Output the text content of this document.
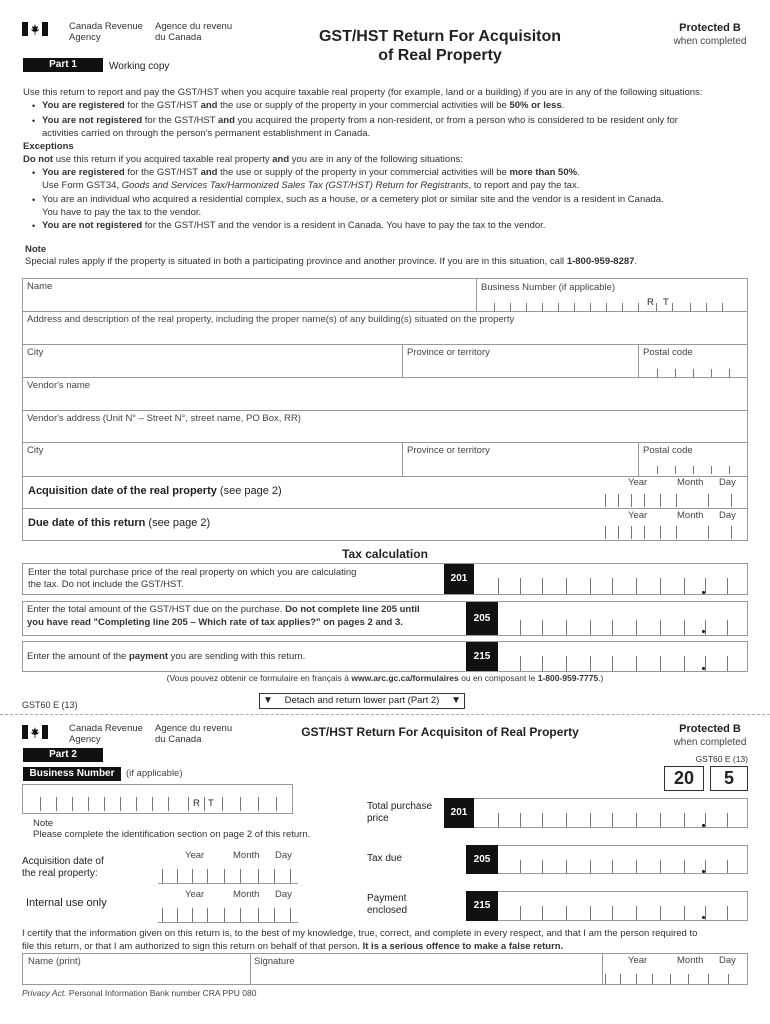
Canada Revenue
Agency
Agence du revenu
du Canada	GST/HST Return For Acquisiton
of Real Property
Protected B
when completed
Part 1	Working copy
Use this return to report and pay the GST/HST when you acquire taxable real property (for example, land or a building) if you are in any of the following situations:
• You are registered for the GST/HST and the use or supply of the property in your commercial activities will be 50% or less.
• You are not registered for the GST/HST and you acquired the property from a non-resident, or from a person who is considered to be resident only for
activities carried on through the person's permanent establishment in Canada.
Exceptions
Do not use this return if you acquired taxable real property and you are in any of the following situations:
• You are registered for the GST/HST and the use or supply of the property in your commercial activities will be more than 50%.
Use Form GST34, Goods and Services Tax/Harmonized Sales Tax (GST/HST) Return for Registrants, to report and pay the tax.
• You are an individual who acquired a residential complex, such as a house, or a cemetery plot or similar site and the vendor is a resident in Canada.
You have to pay the tax to the vendor.
• You are not registered for the GST/HST and the vendor is a resident in Canada. You have to pay the tax to the vendor.
Note
Special rules apply if the property is situated in both a participating province and another province. If you are in this situation, call 1-800-959-8287.
Name	Business Number (if applicable)
R T
Address and description of the real property, including the proper name(s) of any building(s) situated on the property
City	Province or territory	Postal code
Vendor's name
Vendor's address (Unit N° – Street N°, street name, PO Box, RR)
City	Province or territory	Postal code
Acquisition date of the real property (see page 2)
Year	Month Day
Due date of this return (see page 2)
Year	Month Day
Tax calculation
Enter the total purchase price of the real property on which you are calculating
the tax. Do not include the GST/HST.	201
Enter the total amount of the GST/HST due on the purchase. Do not complete line 205 until
you have read "Completing line 205 – Which rate of tax applies?" on pages 2 and 3.	205
Enter the amount of the payment you are sending with this return.	215
(Vous pouvez obtenir ce formulaire en français à www.arc.gc.ca/formulaires ou en composant le 1-800-959-7775.)
GST60 E (13)	▼ Detach and return lower part (Part 2) ▼
Canada Revenue
Agency
Agence du revenu
du Canada	GST/HST Return For Acquisiton of Real Property	Protected B
when completed
GST60 E (13)
Part 2
20	5
Business Number	(if applicable)
R T
Note
Please complete the identification section on page 2 of this return.
Acquisition date of
the real property:
Year	Month Day
Internal use only
Year	Month Day
Total purchase
price
201
Tax due	205
Payment
enclosed	215
I certify that the information given on this return is, to the best of my knowledge, true, correct, and complete in every respect, and that I am the person required to
file this return, or that I am authorized to sign this return on behalf of that person. It is a serious offence to make a false return.
Name (print)	Signature	Year	Month Day
Privacy Act. Personal Information Bank number CRA PPU 080
